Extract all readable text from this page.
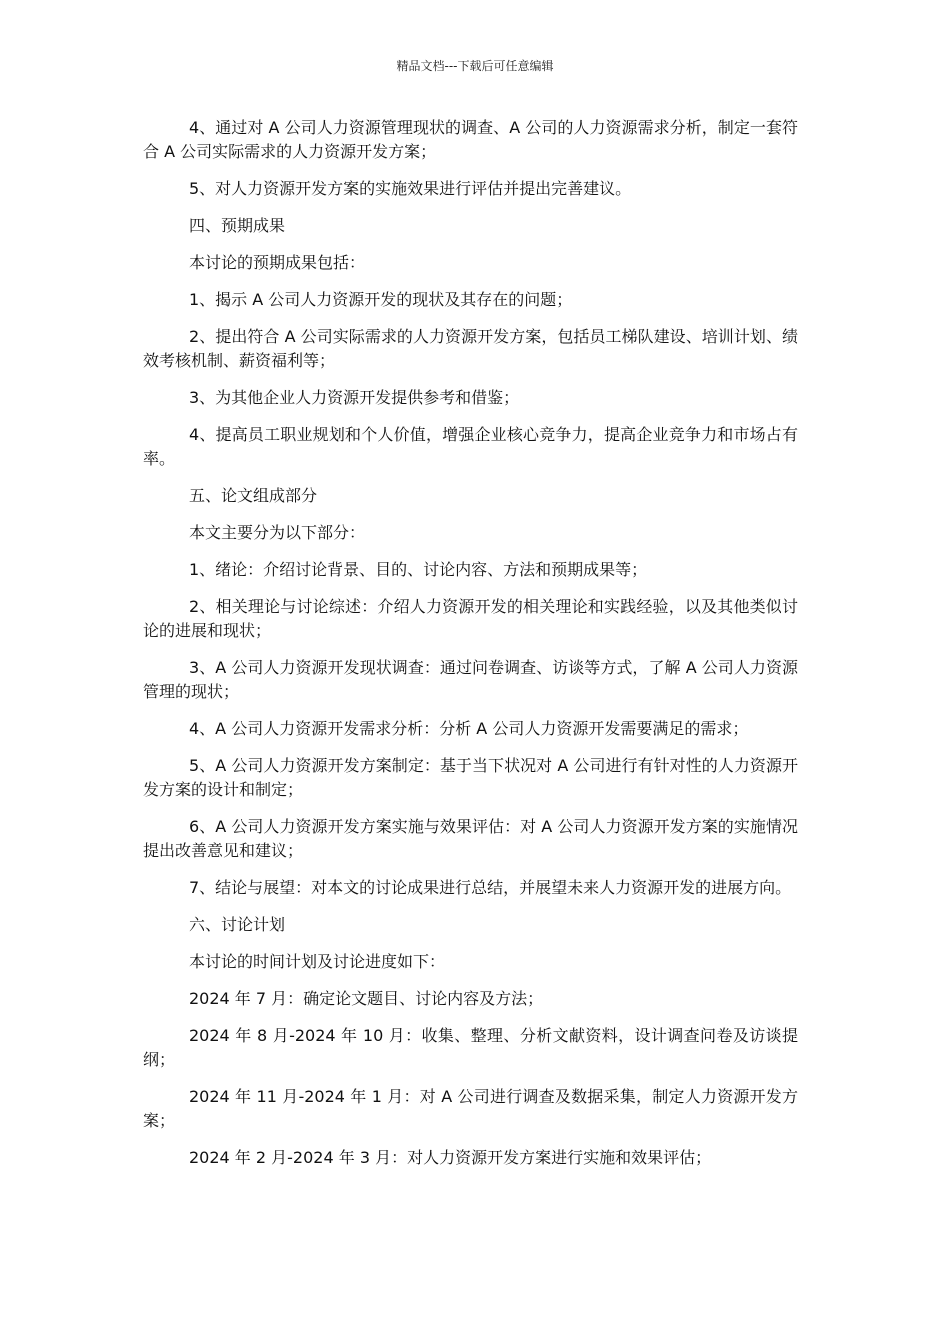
精品文档---下载后可任意编辑

4、通过对 A 公司人力资源管理现状的调查、A 公司的人力资源需求分析，制定一套符合 A 公司实际需求的人力资源开发方案；

5、对人力资源开发方案的实施效果进行评估并提出完善建议。

四、预期成果

本讨论的预期成果包括：

1、揭示 A 公司人力资源开发的现状及其存在的问题；

2、提出符合 A 公司实际需求的人力资源开发方案，包括员工梯队建设、培训计划、绩效考核机制、薪资福利等；

3、为其他企业人力资源开发提供参考和借鉴；

4、提高员工职业规划和个人价值，增强企业核心竞争力，提高企业竞争力和市场占有率。

五、论文组成部分

本文主要分为以下部分：

1、绪论：介绍讨论背景、目的、讨论内容、方法和预期成果等；

2、相关理论与讨论综述：介绍人力资源开发的相关理论和实践经验，以及其他类似讨论的进展和现状；

3、A 公司人力资源开发现状调查：通过问卷调查、访谈等方式，了解 A 公司人力资源管理的现状；

4、A 公司人力资源开发需求分析：分析 A 公司人力资源开发需要满足的需求；

5、A 公司人力资源开发方案制定：基于当下状况对 A 公司进行有针对性的人力资源开发方案的设计和制定；

6、A 公司人力资源开发方案实施与效果评估：对 A 公司人力资源开发方案的实施情况提出改善意见和建议；

7、结论与展望：对本文的讨论成果进行总结，并展望未来人力资源开发的进展方向。

六、讨论计划

本讨论的时间计划及讨论进度如下：

2024 年 7 月：确定论文题目、讨论内容及方法；

2024 年 8 月-2024 年 10 月：收集、整理、分析文献资料，设计调查问卷及访谈提纲；

2024 年 11 月-2024 年 1 月：对 A 公司进行调查及数据采集，制定人力资源开发方案；

2024 年 2 月-2024 年 3 月：对人力资源开发方案进行实施和效果评估；
